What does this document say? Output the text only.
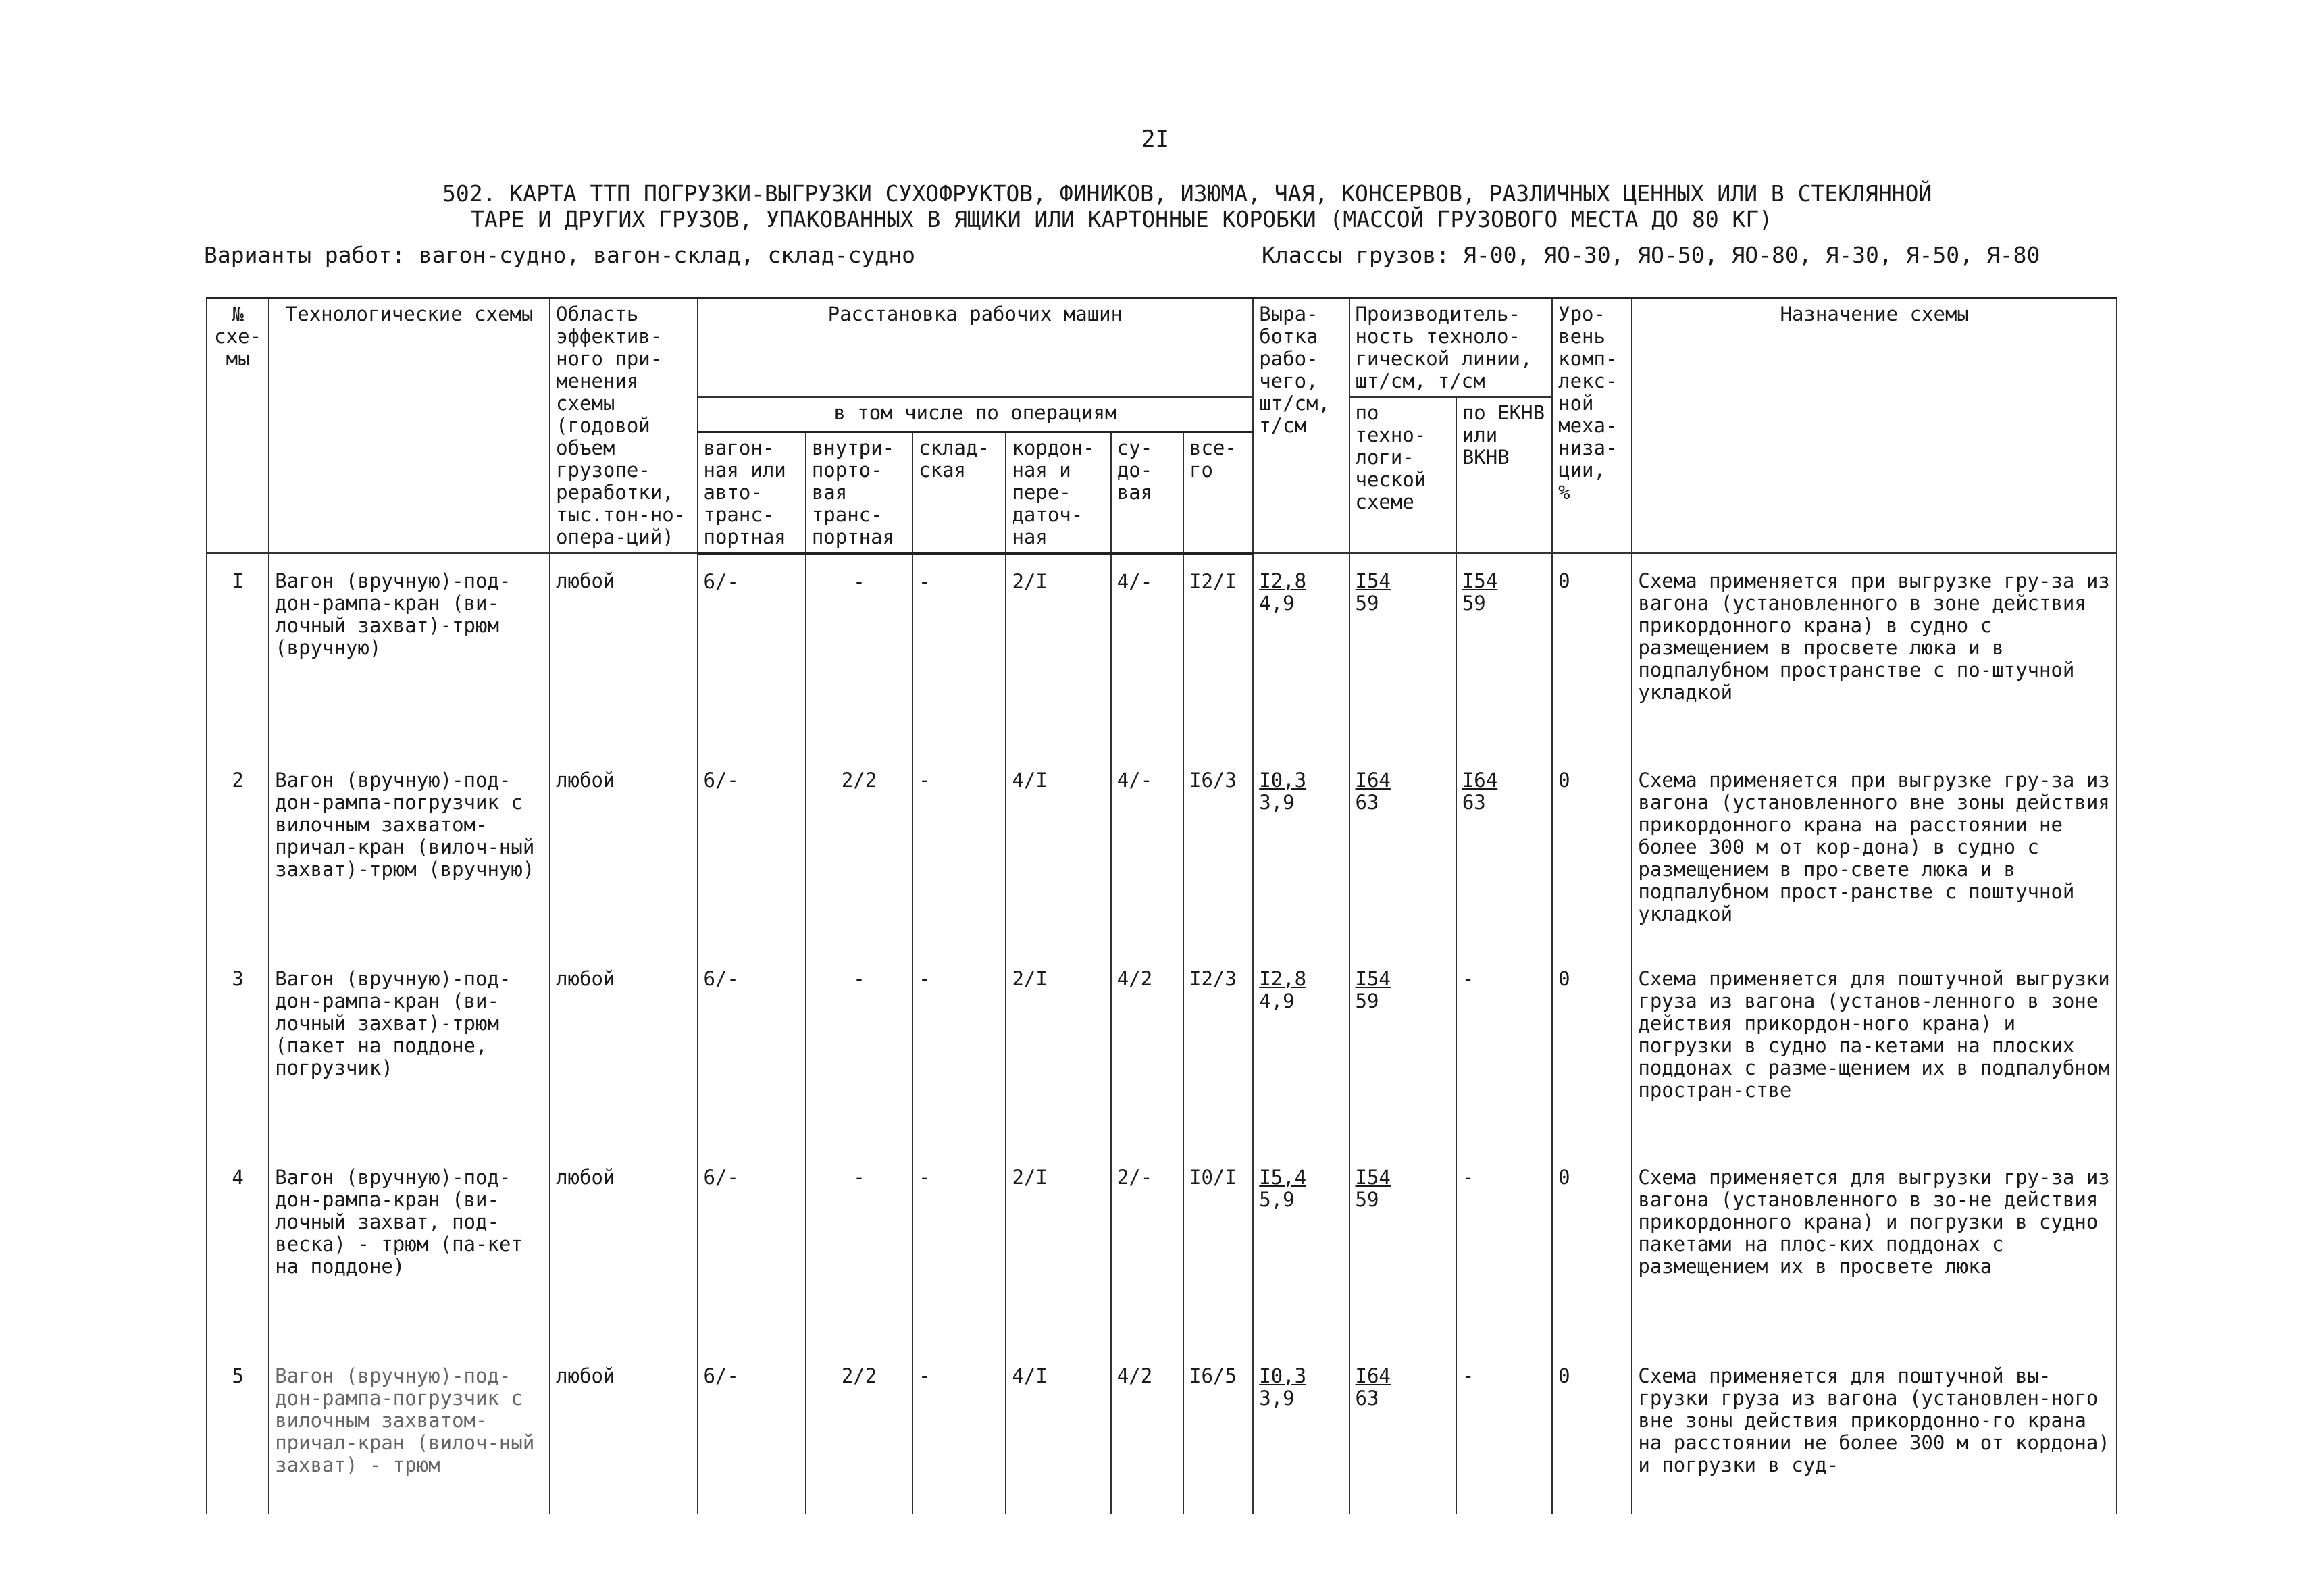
2I
502. КАРТА ТТП ПОГРУЗКИ-ВЫГРУЗКИ СУХОФРУКТОВ, ФИНИКОВ, ИЗЮМА, ЧАЯ, КОНСЕРВОВ, РАЗЛИЧНЫХ ЦЕННЫХ ИЛИ В СТЕКЛЯННОЙ
ТАРЕ И ДРУГИХ ГРУЗОВ, УПАКОВАННЫХ В ЯЩИКИ ИЛИ КАРТОННЫЕ КОРОБКИ (МАССОЙ ГРУЗОВОГО МЕСТА ДО 80 КГ)
Варианты работ: вагон-судно, вагон-склад, склад-судно	Классы грузов: Я-00, ЯО-30, ЯО-50, ЯО-80, Я-30, Я-50, Я-80
№ схе-мы	Технологические схемы	Область эффектив-ного при-менения схемы (годовой объем грузопе-реработки, тыс.тон-но-опера-ций)	Расстановка рабочих машин						Выра-ботка рабо-чего, шт/см, т/см	Производитель-ность техноло-гической линии, шт/см, т/см		Уро-вень комп-лекс-ной меха-низа-ции, %	Назначение схемы
			в том числе по операциям							по техно-логи-ческой схеме	по ЕКНВ или ВКНВ		
			вагон-ная или авто-транс-портная	внутри-порто-вая транс-портная	склад-ская	кордон-ная и пере-даточ-ная	су-до-вая	все-го					
I	Вагон (вручную)-под-дон-рампа-кран (ви-лочный захват)-трюм (вручную)	любой	6/-	-	-	2/I	4/-	I2/I	$\frac{I2,8}{4,9}$	$\frac{I54}{59}$	$\frac{I54}{59}$	0	Схема применяется при выгрузке гру-за из вагона (установленного в зоне действия прикордонного крана) в судно с размещением в просвете люка и в подпалубном пространстве с по-штучной укладкой
2	Вагон (вручную)-под-дон-рампа-погрузчик с вилочным захватом-причал-кран (вилоч-ный захват)-трюм (вручную)	любой	6/-	2/2	-	4/I	4/-	I6/3	$\frac{I0,3}{3,9}$	$\frac{I64}{63}$	$\frac{I64}{63}$	0	Схема применяется при выгрузке гру-за из вагона (установленного вне зоны действия прикордонного крана на расстоянии не более 300 м от кор-дона) в судно с размещением в про-свете люка и в подпалубном прост-ранстве с поштучной укладкой
3	Вагон (вручную)-под-дон-рампа-кран (ви-лочный захват)-трюм (пакет на поддоне, погрузчик)	любой	6/-	-	-	2/I	4/2	I2/3	$\frac{I2,8}{4,9}$	$\frac{I54}{59}$	-	0	Схема применяется для поштучной выгрузки груза из вагона (установ-ленного в зоне действия прикордон-ного крана) и погрузки в судно па-кетами на плоских поддонах с разме-щением их в подпалубном простран-стве
4	Вагон (вручную)-под-дон-рампа-кран (ви-лочный захват, под-веска) - трюм (па-кет на поддоне)	любой	6/-	-	-	2/I	2/-	I0/I	$\frac{I5,4}{5,9}$	$\frac{I54}{59}$	-	0	Схема применяется для выгрузки гру-за из вагона (установленного в зо-не действия прикордонного крана) и погрузки в судно пакетами на плос-ких поддонах с размещением их в просвете люка
5	Вагон (вручную)-под-дон-рампа-погрузчик с вилочным захватом-причал-кран (вилоч-ный захват) - трюм	любой	6/-	2/2	-	4/I	4/2	I6/5	$\frac{I0,3}{3,9}$	$\frac{I64}{63}$	-	0	Схема применяется для поштучной вы-грузки груза из вагона (установлен-ного вне зоны действия прикордонно-го крана на расстоянии не более 300 м от кордона) и погрузки в суд-
